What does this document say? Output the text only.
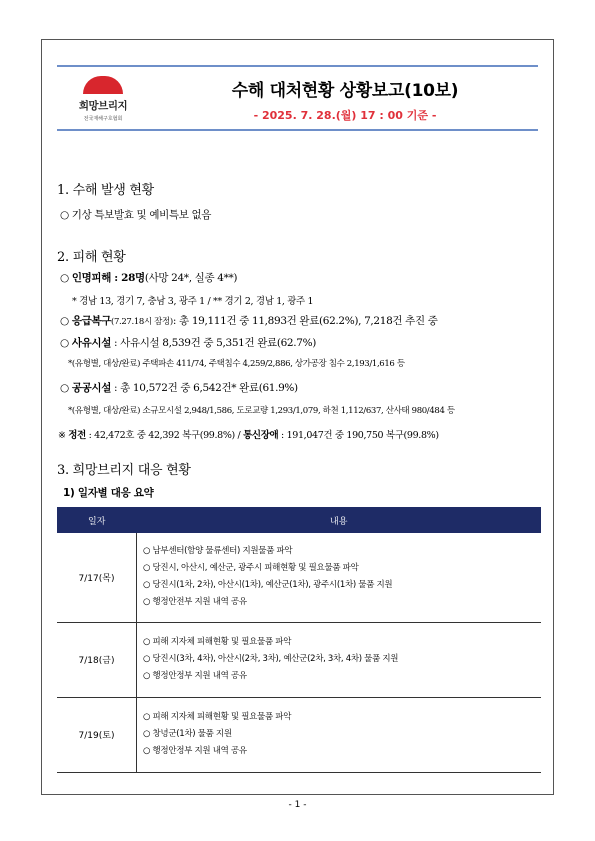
희망브리지
전국재해구호협회
수해 대처현황 상황보고(10보)
- 2025. 7. 28.(월) 17 : 00 기준 -
1. 수해 발생 현황
○ 기상 특보발효 및 예비특보 없음
2. 피해 현황
○ 인명피해 : 28명(사망 24*, 실종 4**)
* 경남 13, 경기 7, 충남 3, 광주 1 / ** 경기 2, 경남 1, 광주 1
○ 응급복구(7.27.18시 잠정): 총 19,111건 중 11,893건 완료(62.2%), 7,218건 추진 중
○ 사유시설 : 사유시설 8,539건 중 5,351건 완료(62.7%)
*(유형별, 대상/완료) 주택파손 411/74, 주택침수 4,259/2,886, 상가공장 침수 2,193/1,616 등
○ 공공시설 : 총 10,572건 중 6,542건* 완료(61.9%)
*(유형별, 대상/완료) 소규모시설 2,948/1,586, 도로교량 1,293/1,079, 하천 1,112/637, 산사태 980/484 등
※ 정전 : 42,472호 중 42,392 복구(99.8%) / 통신장애 : 191,047건 중 190,750 복구(99.8%)
3. 희망브리지 대응 현황
1) 일자별 대응 요약
일자	내용
7/17(목)	○ 남부센터(함양 물류센터) 지원물품 파악
○ 당진시, 아산시, 예산군, 광주시 피해현황 및 필요물품 파악
○ 당진시(1차, 2차), 아산시(1차), 예산군(1차), 광주시(1차) 물품 지원
○ 행정안전부 지원 내역 공유

7/18(금)	○ 피해 지자체 피해현황 및 필요물품 파악
○ 당진시(3차, 4차), 아산시(2차, 3차), 예산군(2차, 3차, 4차) 물품 지원
○ 행정안정부 지원 내역 공유

7/19(토)	○ 피해 지자체 피해현황 및 필요물품 파악
○ 창녕군(1차) 물품 지원
○ 행정안정부 지원 내역 공유
- 1 -
